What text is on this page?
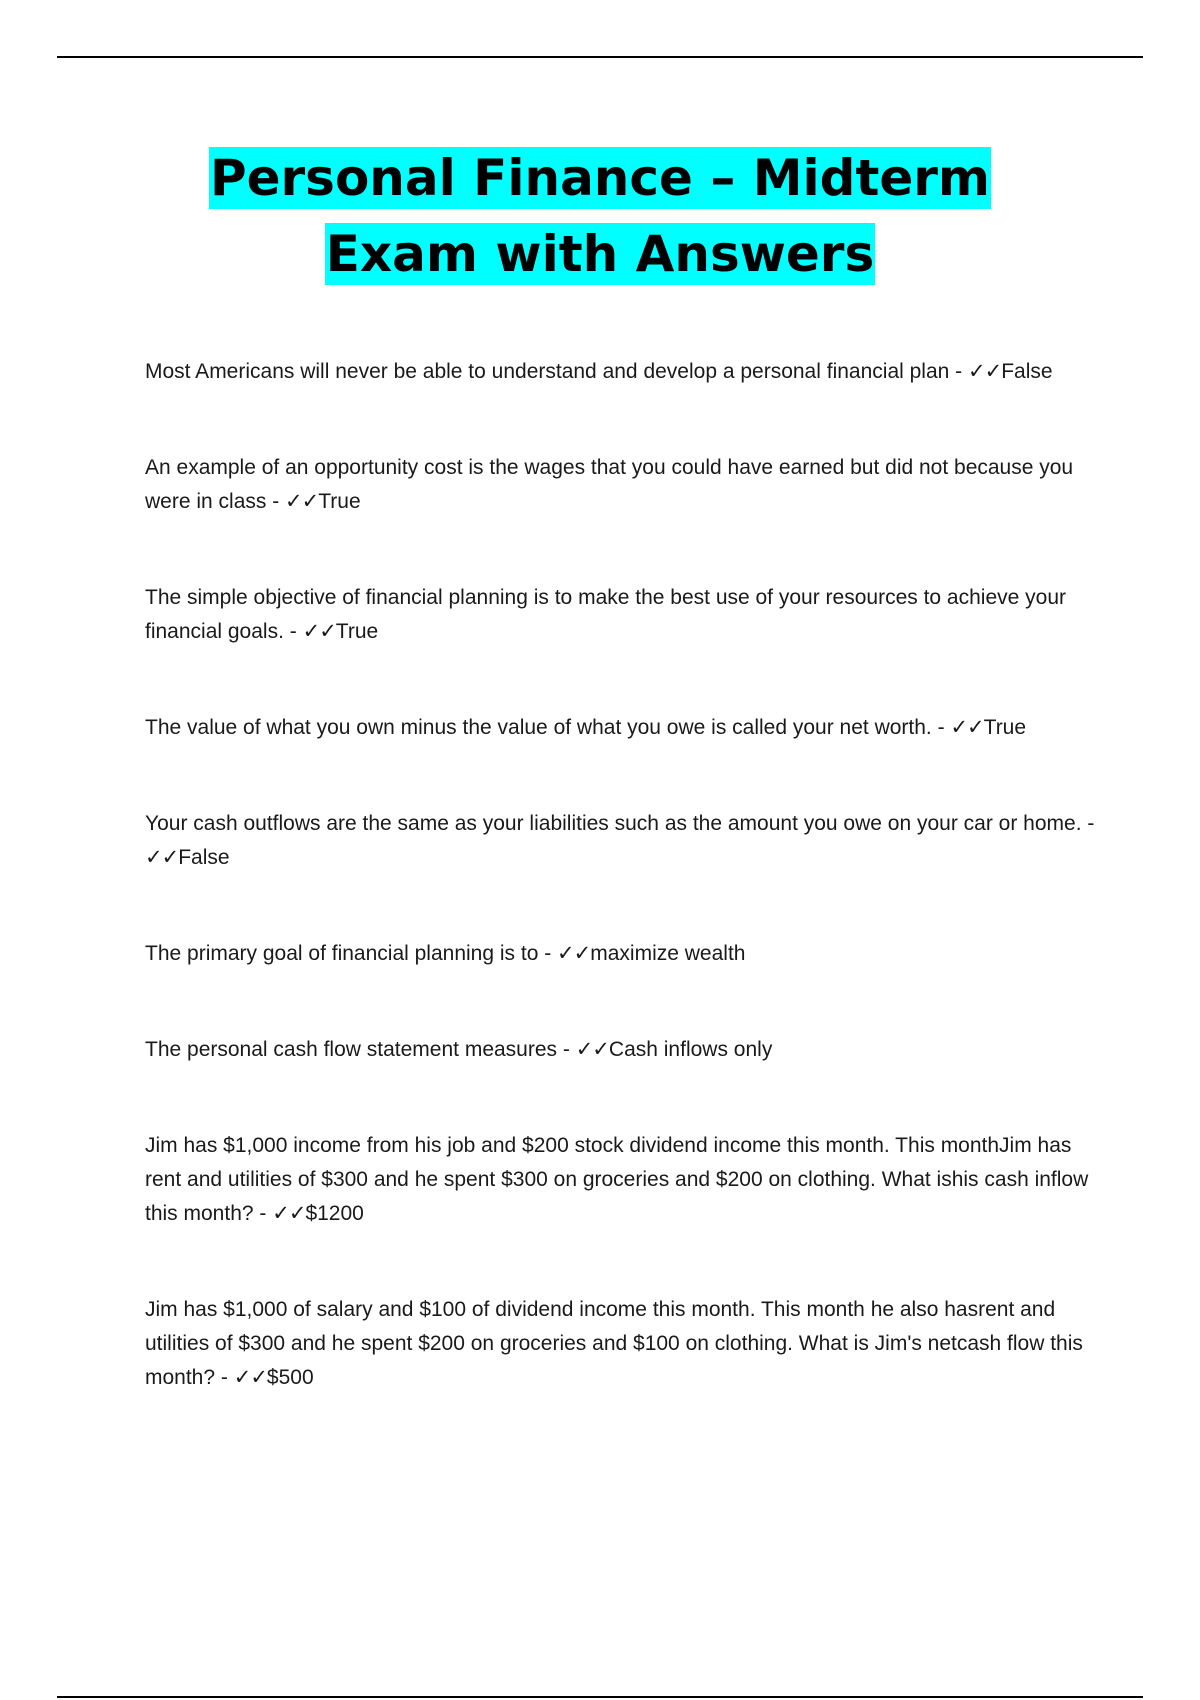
Personal Finance – Midterm Exam with Answers
Most Americans will never be able to understand and develop a personal financial plan - ✓✓False
An example of an opportunity cost is the wages that you could have earned but did not because you were in class - ✓✓True
The simple objective of financial planning is to make the best use of your resources to achieve your financial goals. - ✓✓True
The value of what you own minus the value of what you owe is called your net worth. - ✓✓True
Your cash outflows are the same as your liabilities such as the amount you owe on your car or home. - ✓✓False
The primary goal of financial planning is to - ✓✓maximize wealth
The personal cash flow statement measures - ✓✓Cash inflows only
Jim has $1,000 income from his job and $200 stock dividend income this month. This monthJim has rent and utilities of $300 and he spent $300 on groceries and $200 on clothing. What ishis cash inflow this month? - ✓✓$1200
Jim has $1,000 of salary and $100 of dividend income this month. This month he also hasrent and utilities of $300 and he spent $200 on groceries and $100 on clothing. What is Jim's netcash flow this month? - ✓✓$500
